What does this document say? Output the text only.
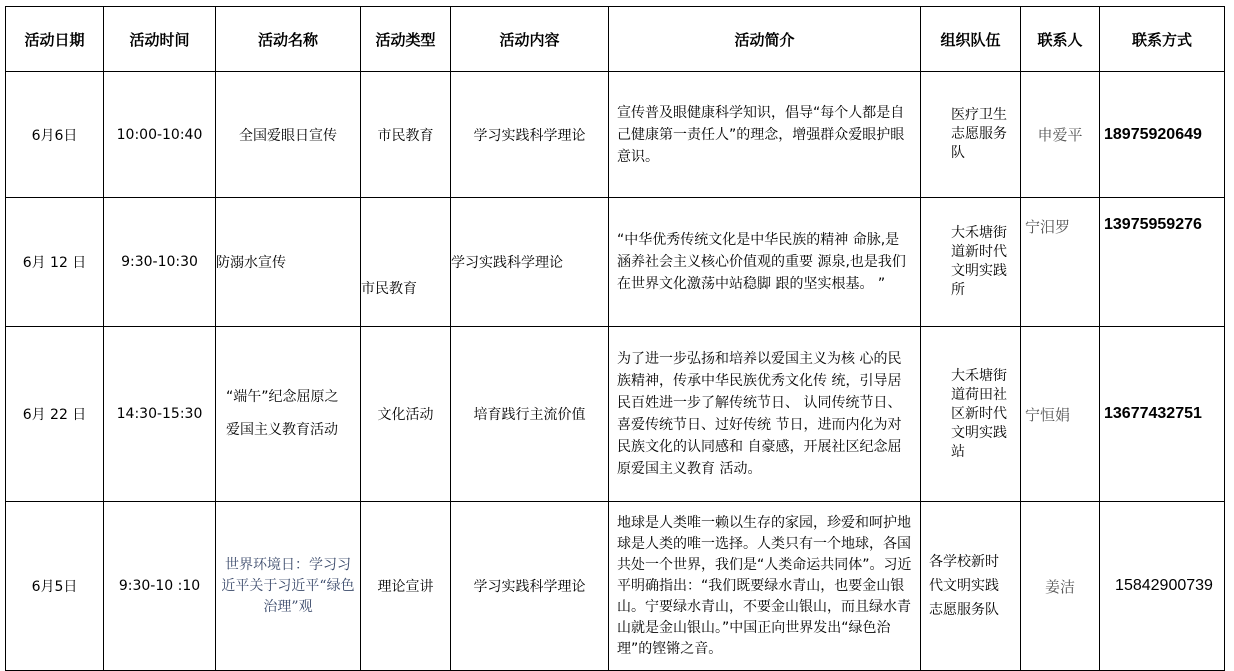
活动日期	活动时间	活动名称	活动类型	活动内容	活动简介	组织队伍	联系人	联系方式
6月6日	10:00-10:40	全国爱眼日宣传	市民教育	学习实践科学理论	宣传普及眼健康科学知识，倡导“每个人都是自己健康第一责任人”的理念，增强群众爱眼护眼意识。	医疗卫生志愿服务队	申爱平	18975920649
6月 12 日	9:30-10:30	防溺水宣传	市民教育	学习实践科学理论	“中华优秀传统文化是中华民族的精神 命脉,是涵养社会主义核心价值观的重要 源泉,也是我们在世界文化激荡中站稳脚 跟的坚实根基。 ”	大禾塘街道新时代文明实践所	宁汨罗	13975959276
6月 22 日	14:30-15:30	“端午”纪念屈原之爱国主义教育活动	文化活动	培育践行主流价值	为了进一步弘扬和培养以爱国主义为核 心的民族精神，传承中华民族优秀文化传 统，引导居民百姓进一步了解传统节日、 认同传统节日、喜爱传统节日、过好传统 节日，进而内化为对民族文化的认同感和 自豪感，开展社区纪念屈原爱国主义教育 活动。	大禾塘街道荷田社区新时代文明实践站	宁恒娟	13677432751
6月5日	9:30-10 :10	世界环境日：学习习近平关于习近平“绿色治理”观	理论宣讲	学习实践科学理论	地球是人类唯一赖以生存的家园，珍爱和呵护地球是人类的唯一选择。人类只有一个地球，各国共处一个世界，我们是“人类命运共同体”。习近平明确指出：“我们既要绿水青山，也要金山银山。宁要绿水青山，不要金山银山，而且绿水青山就是金山银山。”中国正向世界发出“绿色治理”的铿锵之音。	各学校新时代文明实践志愿服务队	姜洁	15842900739
